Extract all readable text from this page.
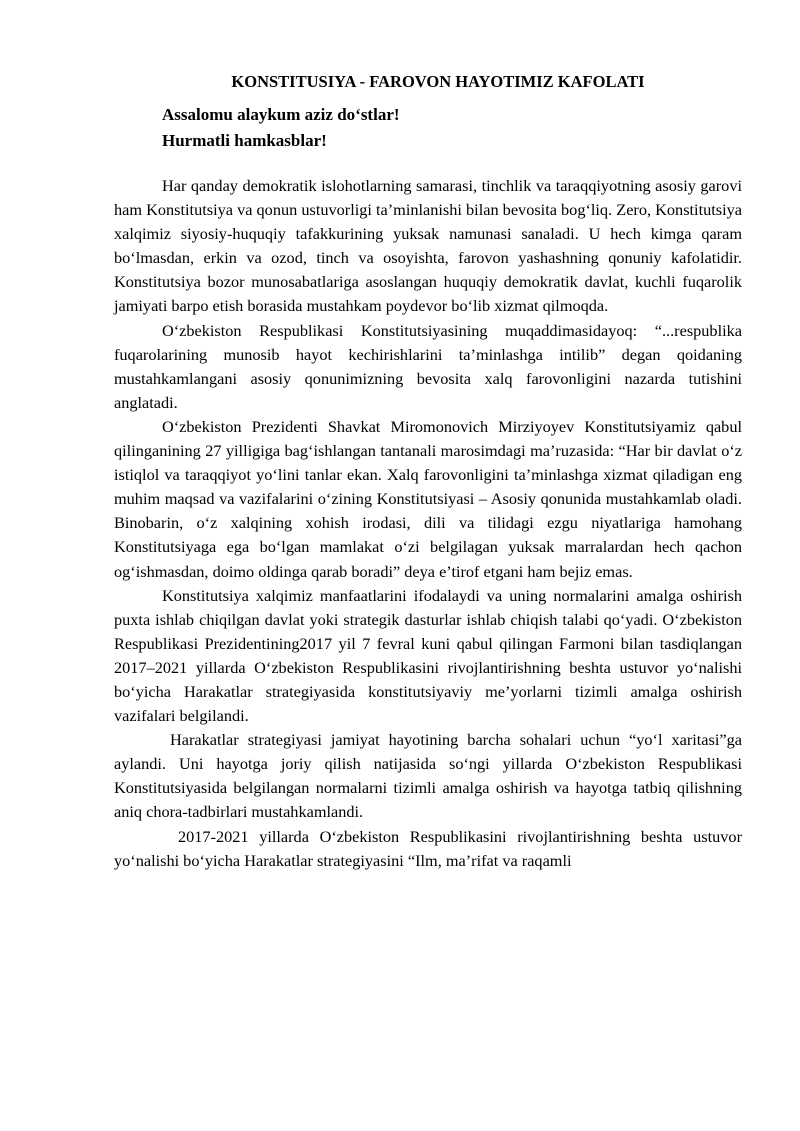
KONSTITUSIYA - FAROVON HAYOTIMIZ KAFOLATI
Assalomu alaykum aziz do‘stlar!
Hurmatli hamkasblar!

Har qanday demokratik islohotlarning samarasi, tinchlik va taraqqiyotning asosiy garovi ham Konstitutsiya va qonun ustuvorligi ta’minlanishi bilan bevosita bog‘liq. Zero, Konstitutsiya xalqimiz siyosiy-huquqiy tafakkurining yuksak namunasi sanaladi. U hech kimga qaram bo‘lmasdan, erkin va ozod, tinch va osoyishta, farovon yashashning qonuniy kafolatidir. Konstitutsiya bozor munosabatlariga asoslangan huquqiy demokratik davlat, kuchli fuqarolik jamiyati barpo etish borasida mustahkam poydevor bo‘lib xizmat qilmoqda.

O‘zbekiston Respublikasi Konstitutsiyasining muqaddimasidayoq: “...respublika fuqarolarining munosib hayot kechirishlarini ta’minlashga intilib” degan qoidaning mustahkamlangani asosiy qonunimizning bevosita xalq farovonligini nazarda tutishini anglatadi.

O‘zbekiston Prezidenti Shavkat Miromonovich Mirziyoyev Konstitutsiyamiz qabul qilinganining 27 yilligiga bag‘ishlangan tantanali marosimdagi ma’ruzasida: “Har bir davlat o‘z istiqlol va taraqqiyot yo‘lini tanlar ekan. Xalq farovonligini ta’minlashga xizmat qiladigan eng muhim maqsad va vazifalarini o‘zining Konstitutsiyasi – Asosiy qonunida mustahkamlab oladi. Binobarin, o‘z xalqining xohish irodasi, dili va tilidagi ezgu niyatlariga hamohang Konstitutsiyaga ega bo‘lgan mamlakat o‘zi belgilagan yuksak marralardan hech qachon og‘ishmasdan, doimo oldinga qarab boradi” deya e’tirof etgani ham bejiz emas.

Konstitutsiya xalqimiz manfaatlarini ifodalaydi va uning normalarini amalga oshirish puxta ishlab chiqilgan davlat yoki strategik dasturlar ishlab chiqish talabi qo‘yadi. O‘zbekiston Respublikasi Prezidentining2017 yil 7 fevral kuni qabul qilingan Farmoni bilan tasdiqlangan 2017–2021 yillarda O‘zbekiston Respublikasini rivojlantirishning beshta ustuvor yo‘nalishi bo‘yicha Harakatlar strategiyasida konstitutsiyaviy me’yorlarni tizimli amalga oshirish vazifalari belgilandi.

Harakatlar strategiyasi jamiyat hayotining barcha sohalari uchun “yo‘l xaritasi”ga aylandi. Uni hayotga joriy qilish natijasida so‘ngi yillarda O‘zbekiston Respublikasi Konstitutsiyasida belgilangan normalarni tizimli amalga oshirish va hayotga tatbiq qilishning aniq chora-tadbirlari mustahkamlandi.

2017-2021 yillarda O‘zbekiston Respublikasini rivojlantirishning beshta ustuvor yo‘nalishi bo‘yicha Harakatlar strategiyasini “Ilm, ma’rifat va raqamli
